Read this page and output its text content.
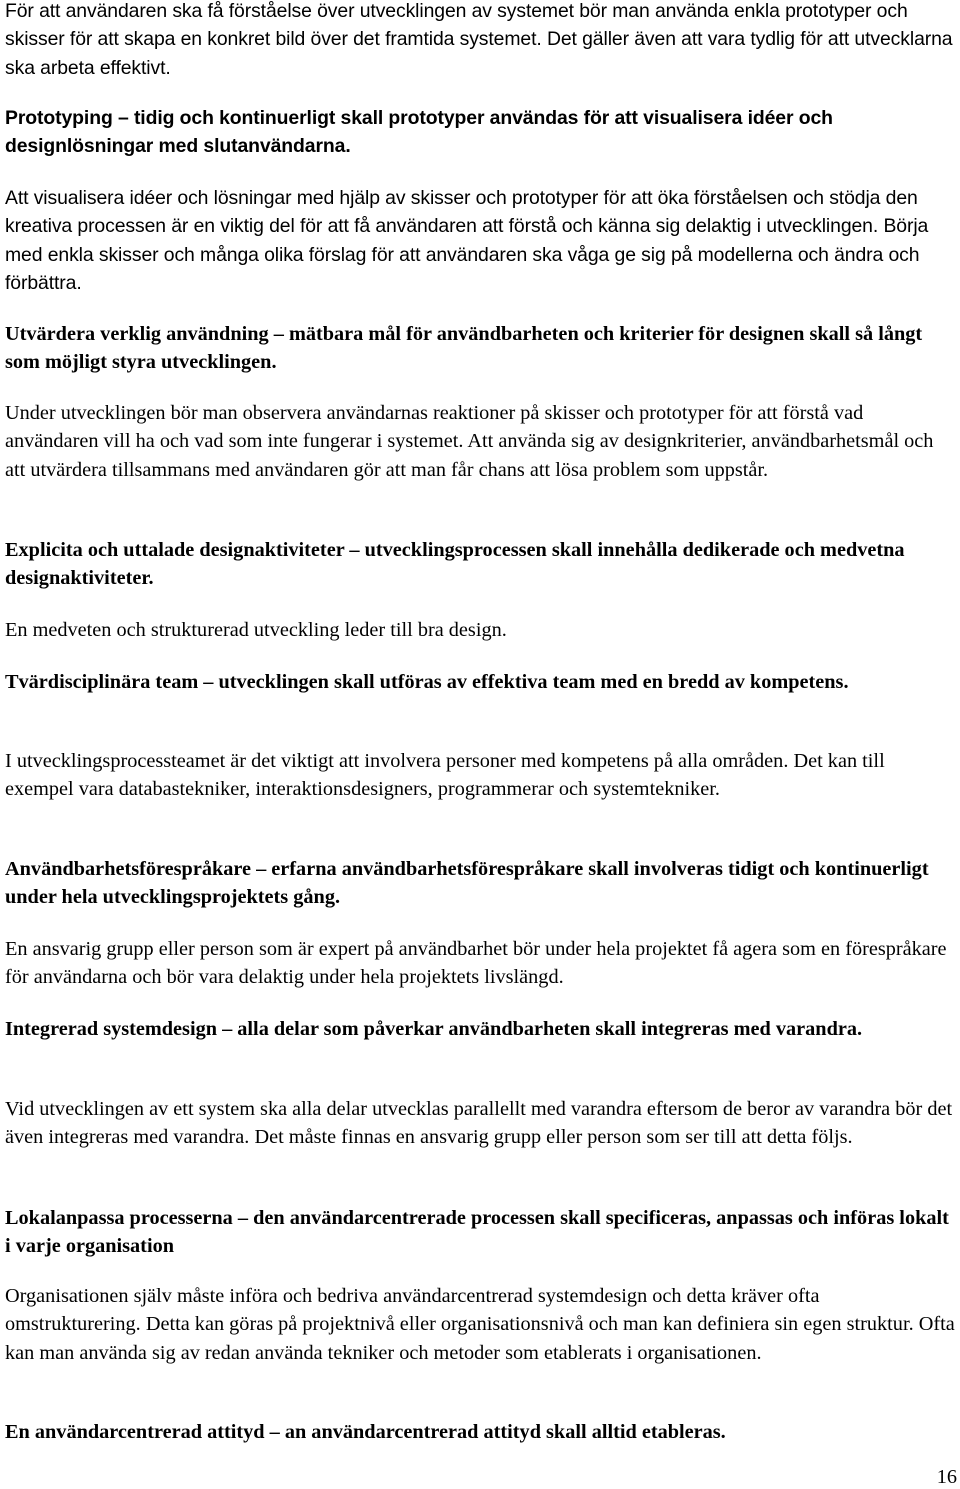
För att användaren ska få förståelse över utvecklingen av systemet bör man använda enkla prototyper och skisser för att skapa en konkret bild över det framtida systemet. Det gäller även att vara tydlig för att utvecklarna ska arbeta effektivt.

Prototyping – tidig och kontinuerligt skall prototyper användas för att visualisera idéer och designlösningar med slutanvändarna.

Att visualisera idéer och lösningar med hjälp av skisser och prototyper för att öka förståelsen och stödja den kreativa processen är en viktig del för att få användaren att förstå och känna sig delaktig i utvecklingen. Börja med enkla skisser och många olika förslag för att användaren ska våga ge sig på modellerna och ändra och förbättra.

Utvärdera verklig användning – mätbara mål för användbarheten och kriterier för designen skall så långt som möjligt styra utvecklingen.

Under utvecklingen bör man observera användarnas reaktioner på skisser och prototyper för att förstå vad användaren vill ha och vad som inte fungerar i systemet. Att använda sig av designkriterier, användbarhetsmål och att utvärdera tillsammans med användaren gör att man får chans att lösa problem som uppstår.

Explicita och uttalade designaktiviteter – utvecklingsprocessen skall innehålla dedikerade och medvetna designaktiviteter.

En medveten och strukturerad utveckling leder till bra design.

Tvärdisciplinära team – utvecklingen skall utföras av effektiva team med en bredd av kompetens.

I utvecklingsprocessteamet är det viktigt att involvera personer med kompetens på alla områden. Det kan till exempel vara databastekniker, interaktionsdesigners, programmerar och systemtekniker.

Användbarhetsförespråkare – erfarna användbarhetsförespråkare skall involveras tidigt och kontinuerligt under hela utvecklingsprojektets gång.

En ansvarig grupp eller person som är expert på användbarhet bör under hela projektet få agera som en förespråkare för användarna och bör vara delaktig under hela projektets livslängd.

Integrerad systemdesign – alla delar som påverkar användbarheten skall integreras med varandra.

Vid utvecklingen av ett system ska alla delar utvecklas parallellt med varandra eftersom de beror av varandra bör det även integreras med varandra. Det måste finnas en ansvarig grupp eller person som ser till att detta följs.

Lokalanpassa processerna – den användarcentrerade processen skall specificeras, anpassas och införas lokalt i varje organisation

Organisationen själv måste införa och bedriva användarcentrerad systemdesign och detta kräver ofta omstrukturering. Detta kan göras på projektnivå eller organisationsnivå och man kan definiera sin egen struktur. Ofta kan man använda sig av redan använda tekniker och metoder som etablerats i organisationen.

En användarcentrerad attityd – an användarcentrerad attityd skall alltid etableras.

16
